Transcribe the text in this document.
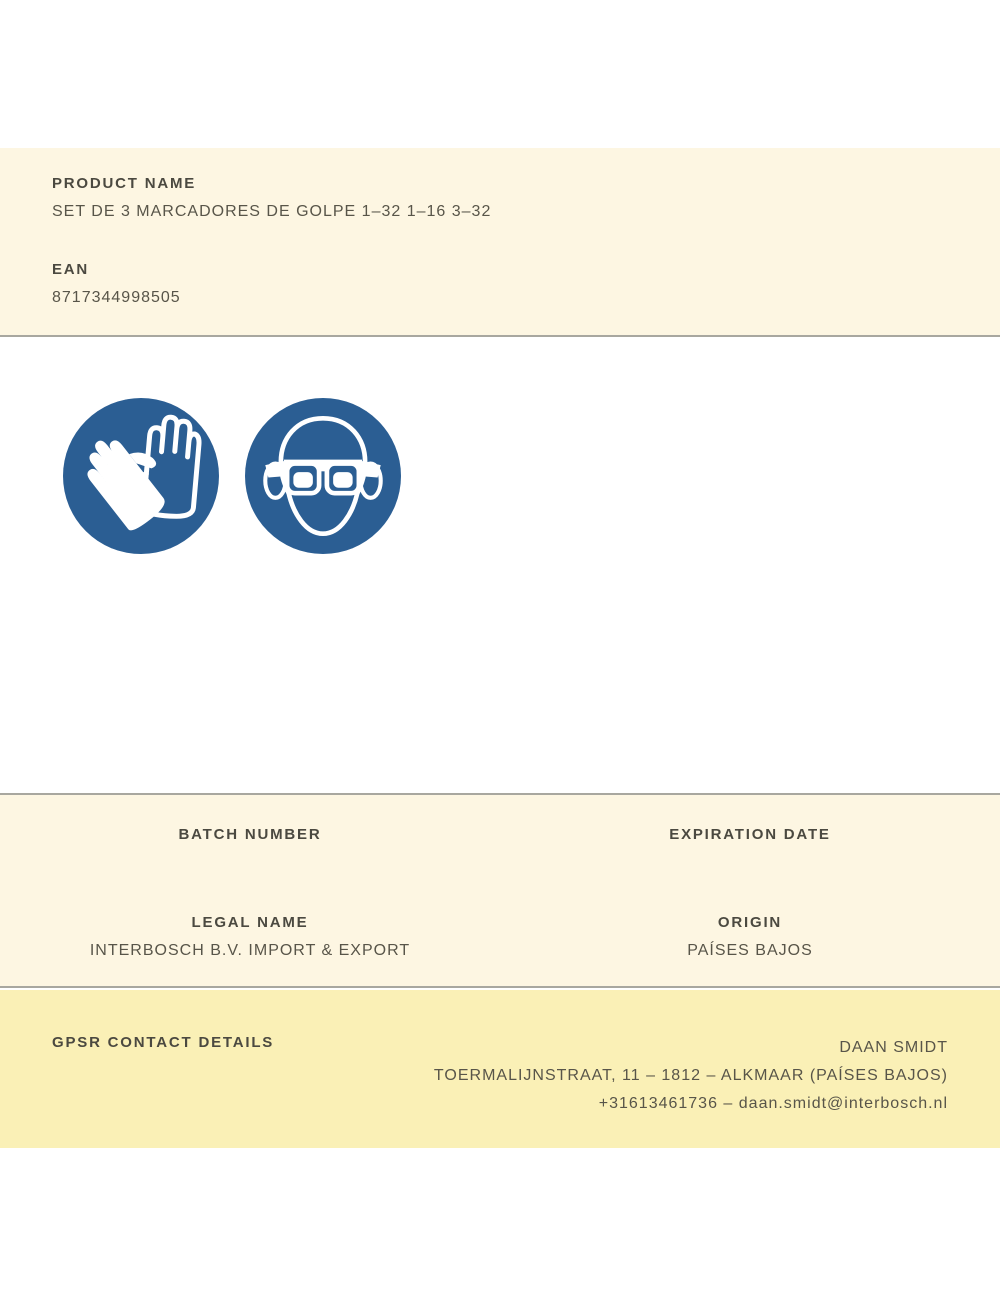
PRODUCT NAME
SET DE 3 MARCADORES DE GOLPE 1–32 1–16 3–32
EAN
8717344998505
BATCH NUMBER
LEGAL NAME
INTERBOSCH B.V. IMPORT & EXPORT
EXPIRATION DATE
ORIGIN
PAÍSES BAJOS
GPSR CONTACT DETAILS	DAAN SMIDT
TOERMALIJNSTRAAT, 11 – 1812 – ALKMAAR (PAÍSES BAJOS)
+31613461736 – daan.smidt@interbosch.nl
